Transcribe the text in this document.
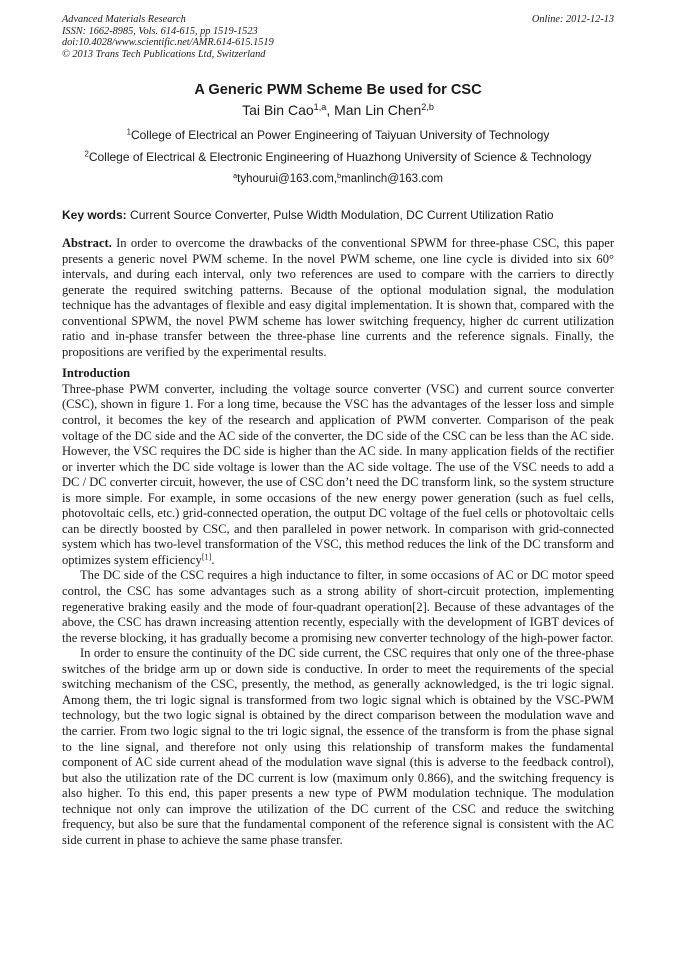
Advanced Materials Research
ISSN: 1662-8985, Vols. 614-615, pp 1519-1523
doi:10.4028/www.scientific.net/AMR.614-615.1519
© 2013 Trans Tech Publications Ltd, Switzerland
Online: 2012-12-13
A Generic PWM Scheme Be used for CSC
Tai Bin Cao$^{1,a}$, Man Lin Chen$^{2,b}$
$^1$College of Electrical an Power Engineering of Taiyuan University of Technology
$^2$College of Electrical & Electronic Engineering of Huazhong University of Science & Technology
$^a$tyhourui@163.com,$^b$manlinch@163.com
Key words: Current Source Converter, Pulse Width Modulation, DC Current Utilization Ratio

Abstract. In order to overcome the drawbacks of the conventional SPWM for three-phase CSC, this paper presents a generic novel PWM scheme. In the novel PWM scheme, one line cycle is divided into six 60° intervals, and during each interval, only two references are used to compare with the carriers to directly generate the required switching patterns. Because of the optional modulation signal, the modulation technique has the advantages of flexible and easy digital implementation. It is shown that, compared with the conventional SPWM, the novel PWM scheme has lower switching frequency, higher dc current utilization ratio and in-phase transfer between the three-phase line currents and the reference signals. Finally, the propositions are verified by the experimental results.

Introduction

Three-phase PWM converter, including the voltage source converter (VSC) and current source converter (CSC), shown in figure 1. For a long time, because the VSC has the advantages of the lesser loss and simple control, it becomes the key of the research and application of PWM converter. Comparison of the peak voltage of the DC side and the AC side of the converter, the DC side of the CSC can be less than the AC side. However, the VSC requires the DC side is higher than the AC side. In many application fields of the rectifier or inverter which the DC side voltage is lower than the AC side voltage. The use of the VSC needs to add a DC / DC converter circuit, however, the use of CSC don’t need the DC transform link, so the system structure is more simple. For example, in some occasions of the new energy power generation (such as fuel cells, photovoltaic cells, etc.) grid-connected operation, the output DC voltage of the fuel cells or photovoltaic cells can be directly boosted by CSC, and then paralleled in power network. In comparison with grid-connected system which has two-level transformation of the VSC, this method reduces the link of the DC transform and optimizes system efficiency[1].

The DC side of the CSC requires a high inductance to filter, in some occasions of AC or DC motor speed control, the CSC has some advantages such as a strong ability of short-circuit protection, implementing regenerative braking easily and the mode of four-quadrant operation[2]. Because of these advantages of the above, the CSC has drawn increasing attention recently, especially with the development of IGBT devices of the reverse blocking, it has gradually become a promising new converter technology of the high-power factor.

In order to ensure the continuity of the DC side current, the CSC requires that only one of the three-phase switches of the bridge arm up or down side is conductive. In order to meet the requirements of the special switching mechanism of the CSC, presently, the method, as generally acknowledged, is the tri logic signal. Among them, the tri logic signal is transformed from two logic signal which is obtained by the VSC-PWM technology, but the two logic signal is obtained by the direct comparison between the modulation wave and the carrier. From two logic signal to the tri logic signal, the essence of the transform is from the phase signal to the line signal, and therefore not only using this relationship of transform makes the fundamental component of AC side current ahead of the modulation wave signal (this is adverse to the feedback control), but also the utilization rate of the DC current is low (maximum only 0.866), and the switching frequency is also higher. To this end, this paper presents a new type of PWM modulation technique. The modulation technique not only can improve the utilization of the DC current of the CSC and reduce the switching frequency, but also be sure that the fundamental component of the reference signal is consistent with the AC side current in phase to achieve the same phase transfer.
